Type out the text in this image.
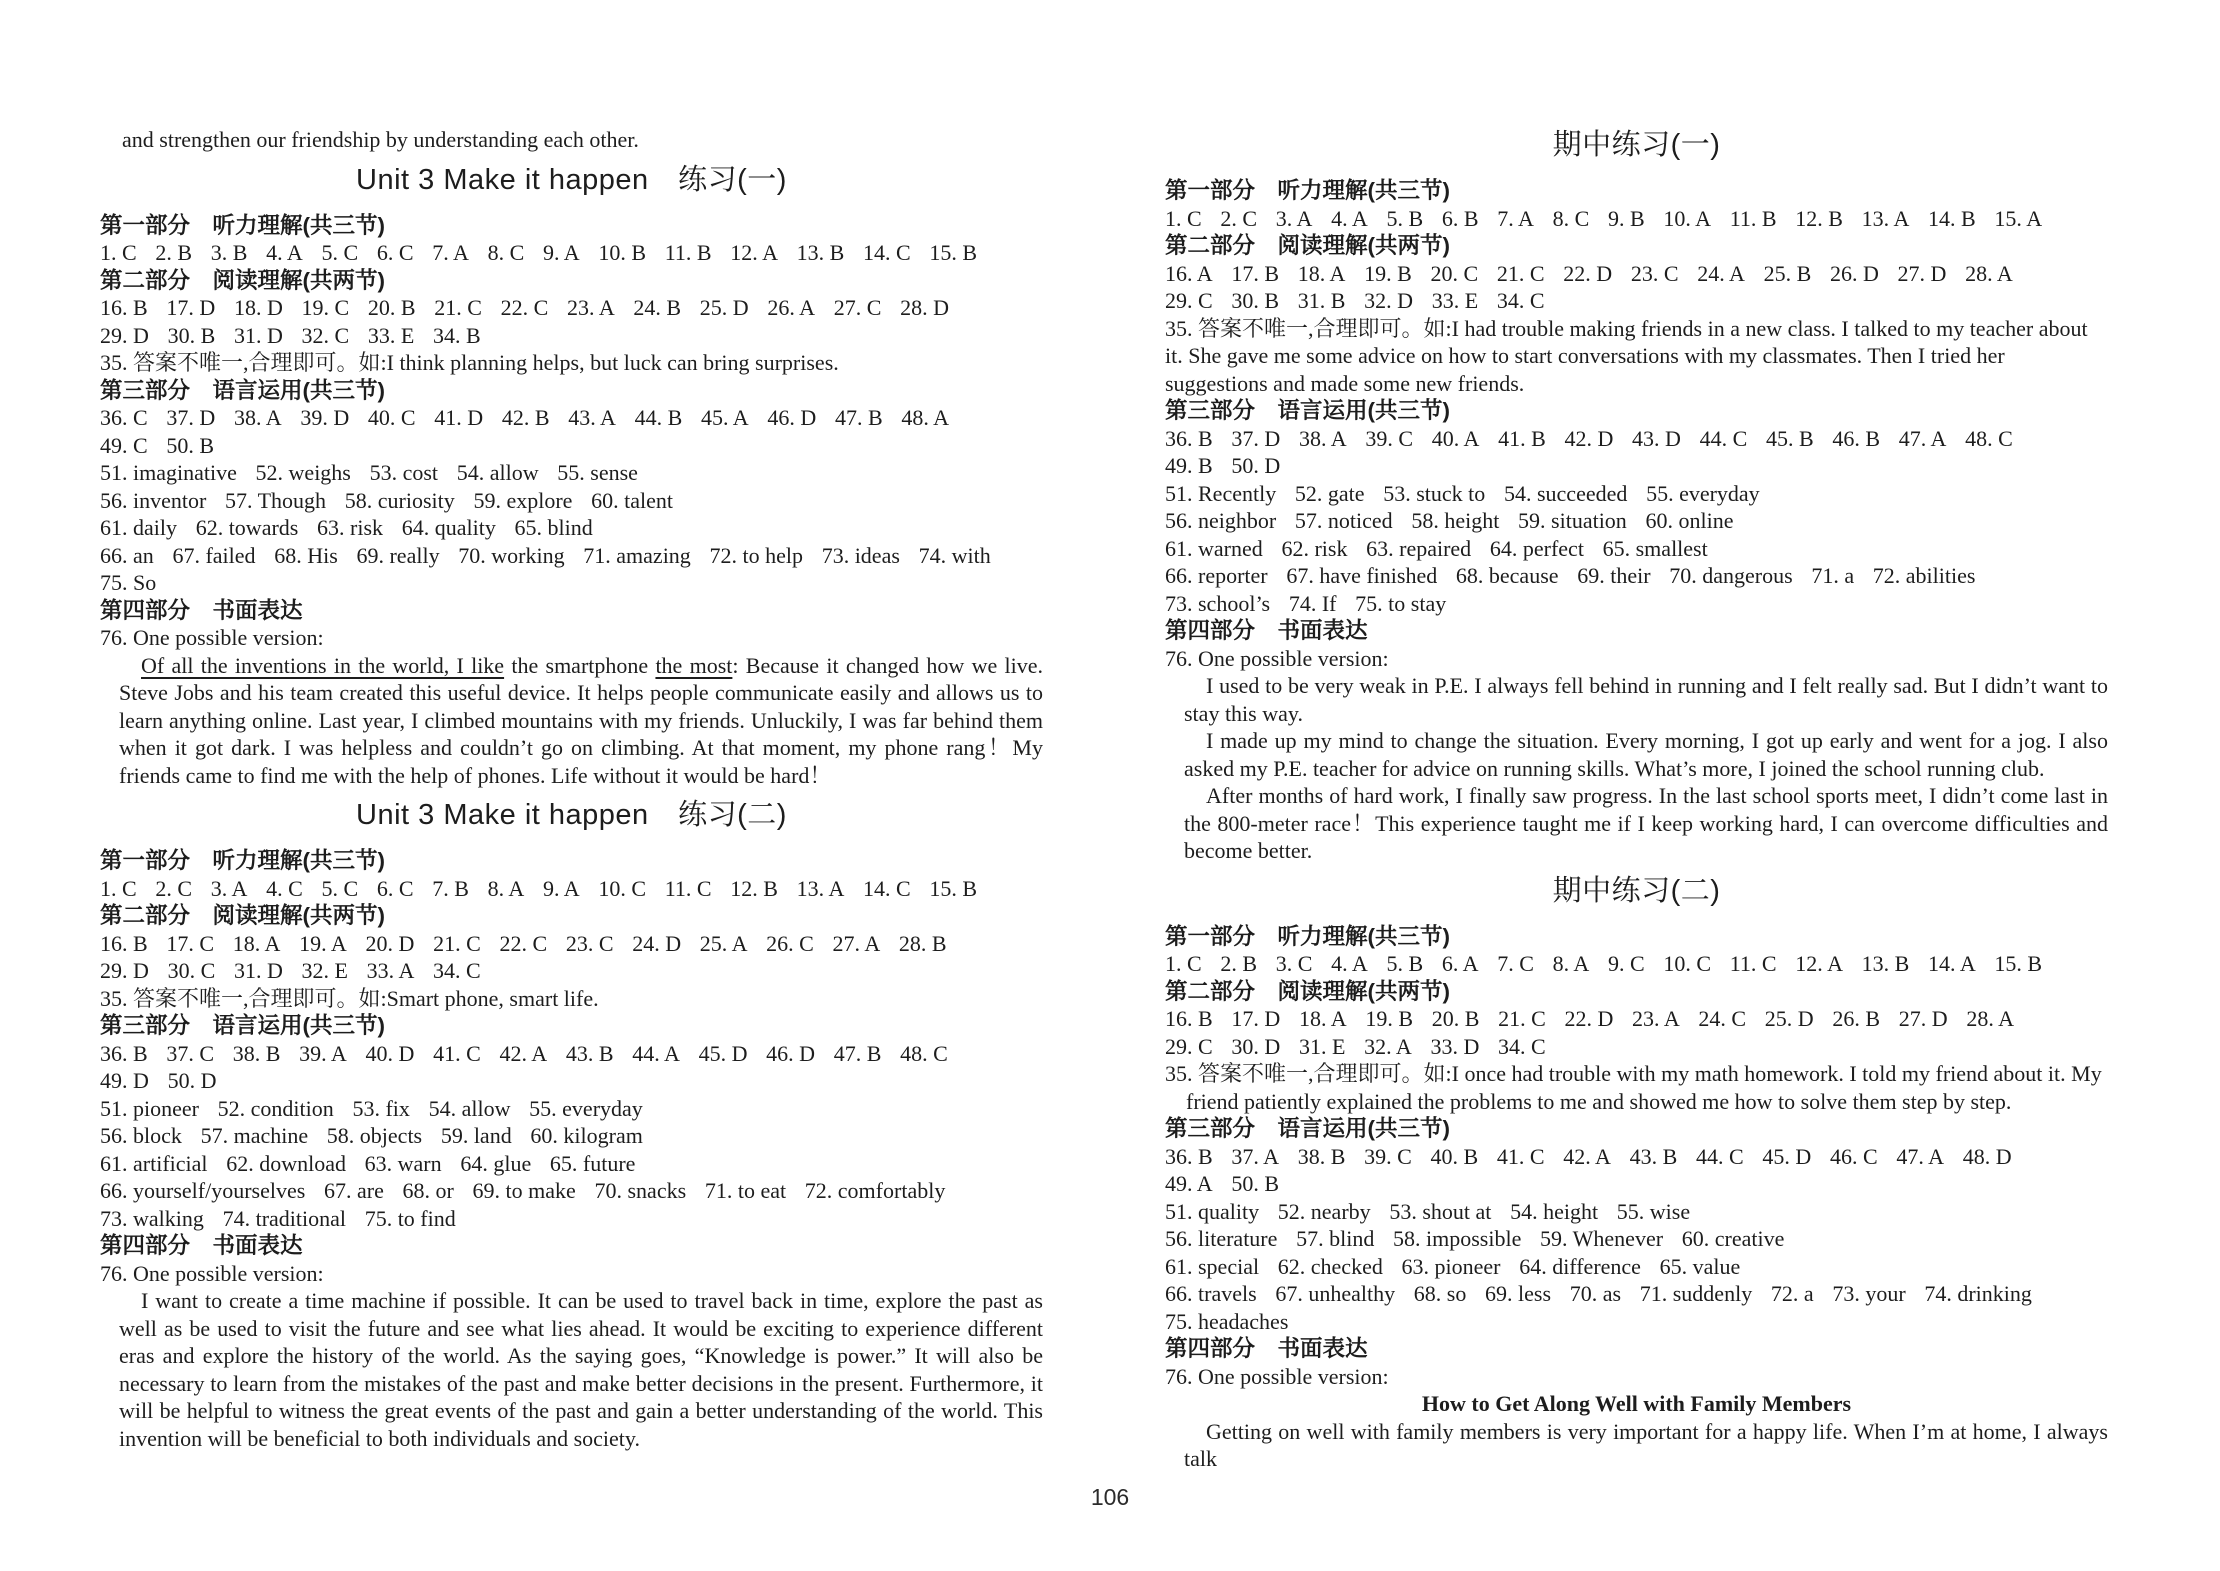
and strengthen our friendship by understanding each other.
Unit 3 Make it happen　练习(一)
第一部分　听力理解(共三节)
1. C 2. B 3. B 4. A 5. C 6. C 7. A 8. C 9. A 10. B 11. B 12. A 13. B 14. C 15. B
第二部分　阅读理解(共两节)
16. B 17. D 18. D 19. C 20. B 21. C 22. C 23. A 24. B 25. D 26. A 27. C 28. D
29. D 30. B 31. D 32. C 33. E 34. B
35. 答案不唯一,合理即可。如:I think planning helps, but luck can bring surprises.
第三部分　语言运用(共三节)
36. C 37. D 38. A 39. D 40. C 41. D 42. B 43. A 44. B 45. A 46. D 47. B 48. A
49. C 50. B
51. imaginative 52. weighs 53. cost 54. allow 55. sense
56. inventor 57. Though 58. curiosity 59. explore 60. talent
61. daily 62. towards 63. risk 64. quality 65. blind
66. an 67. failed 68. His 69. really 70. working 71. amazing 72. to help 73. ideas 74. with
75. So
第四部分　书面表达
76. One possible version:
Of all the inventions in the world, I like the smartphone the most: Because it changed how we live. Steve Jobs and his team created this useful device. It helps people communicate easily and allows us to learn anything online. Last year, I climbed mountains with my friends. Unluckily, I was far behind them when it got dark. I was helpless and couldn’t go on climbing. At that moment, my phone rang！My friends came to find me with the help of phones. Life without it would be hard！
Unit 3 Make it happen　练习(二)
第一部分　听力理解(共三节)
1. C 2. C 3. A 4. C 5. C 6. C 7. B 8. A 9. A 10. C 11. C 12. B 13. A 14. C 15. B
第二部分　阅读理解(共两节)
16. B 17. C 18. A 19. A 20. D 21. C 22. C 23. C 24. D 25. A 26. C 27. A 28. B
29. D 30. C 31. D 32. E 33. A 34. C
35. 答案不唯一,合理即可。如:Smart phone, smart life.
第三部分　语言运用(共三节)
36. B 37. C 38. B 39. A 40. D 41. C 42. A 43. B 44. A 45. D 46. D 47. B 48. C
49. D 50. D
51. pioneer 52. condition 53. fix 54. allow 55. everyday
56. block 57. machine 58. objects 59. land 60. kilogram
61. artificial 62. download 63. warn 64. glue 65. future
66. yourself/yourselves 67. are 68. or 69. to make 70. snacks 71. to eat 72. comfortably
73. walking 74. traditional 75. to find
第四部分　书面表达
76. One possible version:
I want to create a time machine if possible. It can be used to travel back in time, explore the past as well as be used to visit the future and see what lies ahead. It would be exciting to experience different eras and explore the history of the world. As the saying goes, “Knowledge is power.” It will also be necessary to learn from the mistakes of the past and make better decisions in the present. Furthermore, it will be helpful to witness the great events of the past and gain a better understanding of the world. This invention will be beneficial to both individuals and society.
期中练习(一)
第一部分　听力理解(共三节)
1. C 2. C 3. A 4. A 5. B 6. B 7. A 8. C 9. B 10. A 11. B 12. B 13. A 14. B 15. A
第二部分　阅读理解(共两节)
16. A 17. B 18. A 19. B 20. C 21. C 22. D 23. C 24. A 25. B 26. D 27. D 28. A
29. C 30. B 31. B 32. D 33. E 34. C
35. 答案不唯一,合理即可。如:I had trouble making friends in a new class. I talked to my teacher about it. She gave me some advice on how to start conversations with my classmates. Then I tried her suggestions and made some new friends.
第三部分　语言运用(共三节)
36. B 37. D 38. A 39. C 40. A 41. B 42. D 43. D 44. C 45. B 46. B 47. A 48. C
49. B 50. D
51. Recently 52. gate 53. stuck to 54. succeeded 55. everyday
56. neighbor 57. noticed 58. height 59. situation 60. online
61. warned 62. risk 63. repaired 64. perfect 65. smallest
66. reporter 67. have finished 68. because 69. their 70. dangerous 71. a 72. abilities
73. school’s 74. If 75. to stay
第四部分　书面表达
76. One possible version:
I used to be very weak in P.E. I always fell behind in running and I felt really sad. But I didn’t want to stay this way.
I made up my mind to change the situation. Every morning, I got up early and went for a jog. I also asked my P.E. teacher for advice on running skills. What’s more, I joined the school running club.
After months of hard work, I finally saw progress. In the last school sports meet, I didn’t come last in the 800-meter race！This experience taught me if I keep working hard, I can overcome difficulties and become better.
期中练习(二)
第一部分　听力理解(共三节)
1. C 2. B 3. C 4. A 5. B 6. A 7. C 8. A 9. C 10. C 11. C 12. A 13. B 14. A 15. B
第二部分　阅读理解(共两节)
16. B 17. D 18. A 19. B 20. B 21. C 22. D 23. A 24. C 25. D 26. B 27. D 28. A
29. C 30. D 31. E 32. A 33. D 34. C
35. 答案不唯一,合理即可。如:I once had trouble with my math homework. I told my friend about it. My friend patiently explained the problems to me and showed me how to solve them step by step.
第三部分　语言运用(共三节)
36. B 37. A 38. B 39. C 40. B 41. C 42. A 43. B 44. C 45. D 46. C 47. A 48. D
49. A 50. B
51. quality 52. nearby 53. shout at 54. height 55. wise
56. literature 57. blind 58. impossible 59. Whenever 60. creative
61. special 62. checked 63. pioneer 64. difference 65. value
66. travels 67. unhealthy 68. so 69. less 70. as 71. suddenly 72. a 73. your 74. drinking
75. headaches
第四部分　书面表达
76. One possible version:
How to Get Along Well with Family Members
Getting on well with family members is very important for a happy life. When I’m at home, I always talk
106
